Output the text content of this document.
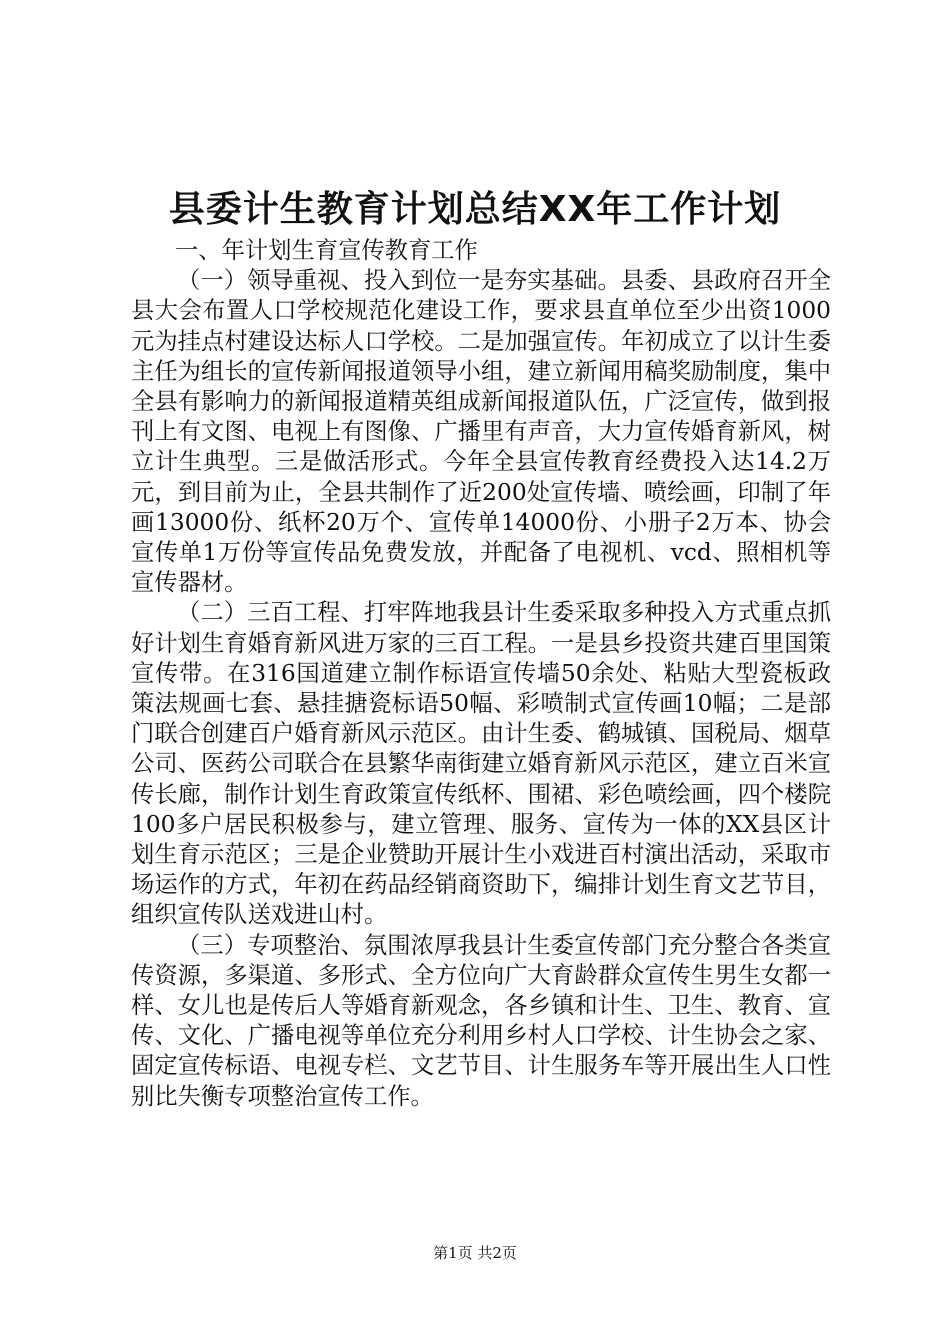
县委计生教育计划总结XX年工作计划

一、年计划生育宣传教育工作

（一）领导重视、投入到位一是夯实基础。县委、县政府召开全县大会布置人口学校规范化建设工作，要求县直单位至少出资1000元为挂点村建设达标人口学校。二是加强宣传。年初成立了以计生委主任为组长的宣传新闻报道领导小组，建立新闻用稿奖励制度，集中全县有影响力的新闻报道精英组成新闻报道队伍，广泛宣传，做到报刊上有文图、电视上有图像、广播里有声音，大力宣传婚育新风，树立计生典型。三是做活形式。今年全县宣传教育经费投入达14.2万元，到目前为止，全县共制作了近200处宣传墙、喷绘画，印制了年画13000份、纸杯20万个、宣传单14000份、小册子2万本、协会宣传单1万份等宣传品免费发放，并配备了电视机、vcd、照相机等宣传器材。

（二）三百工程、打牢阵地我县计生委采取多种投入方式重点抓好计划生育婚育新风进万家的三百工程。一是县乡投资共建百里国策宣传带。在316国道建立制作标语宣传墙50余处、粘贴大型瓷板政策法规画七套、悬挂搪瓷标语50幅、彩喷制式宣传画10幅；二是部门联合创建百户婚育新风示范区。由计生委、鹤城镇、国税局、烟草公司、医药公司联合在县繁华南街建立婚育新风示范区，建立百米宣传长廊，制作计划生育政策宣传纸杯、围裙、彩色喷绘画，四个楼院100多户居民积极参与，建立管理、服务、宣传为一体的XX县区计划生育示范区；三是企业赞助开展计生小戏进百村演出活动，采取市场运作的方式，年初在药品经销商资助下，编排计划生育文艺节目，组织宣传队送戏进山村。

（三）专项整治、氛围浓厚我县计生委宣传部门充分整合各类宣传资源，多渠道、多形式、全方位向广大育龄群众宣传生男生女都一样、女儿也是传后人等婚育新观念，各乡镇和计生、卫生、教育、宣传、文化、广播电视等单位充分利用乡村人口学校、计生协会之家、固定宣传标语、电视专栏、文艺节目、计生服务车等开展出生人口性别比失衡专项整治宣传工作。

第1页 共2页
